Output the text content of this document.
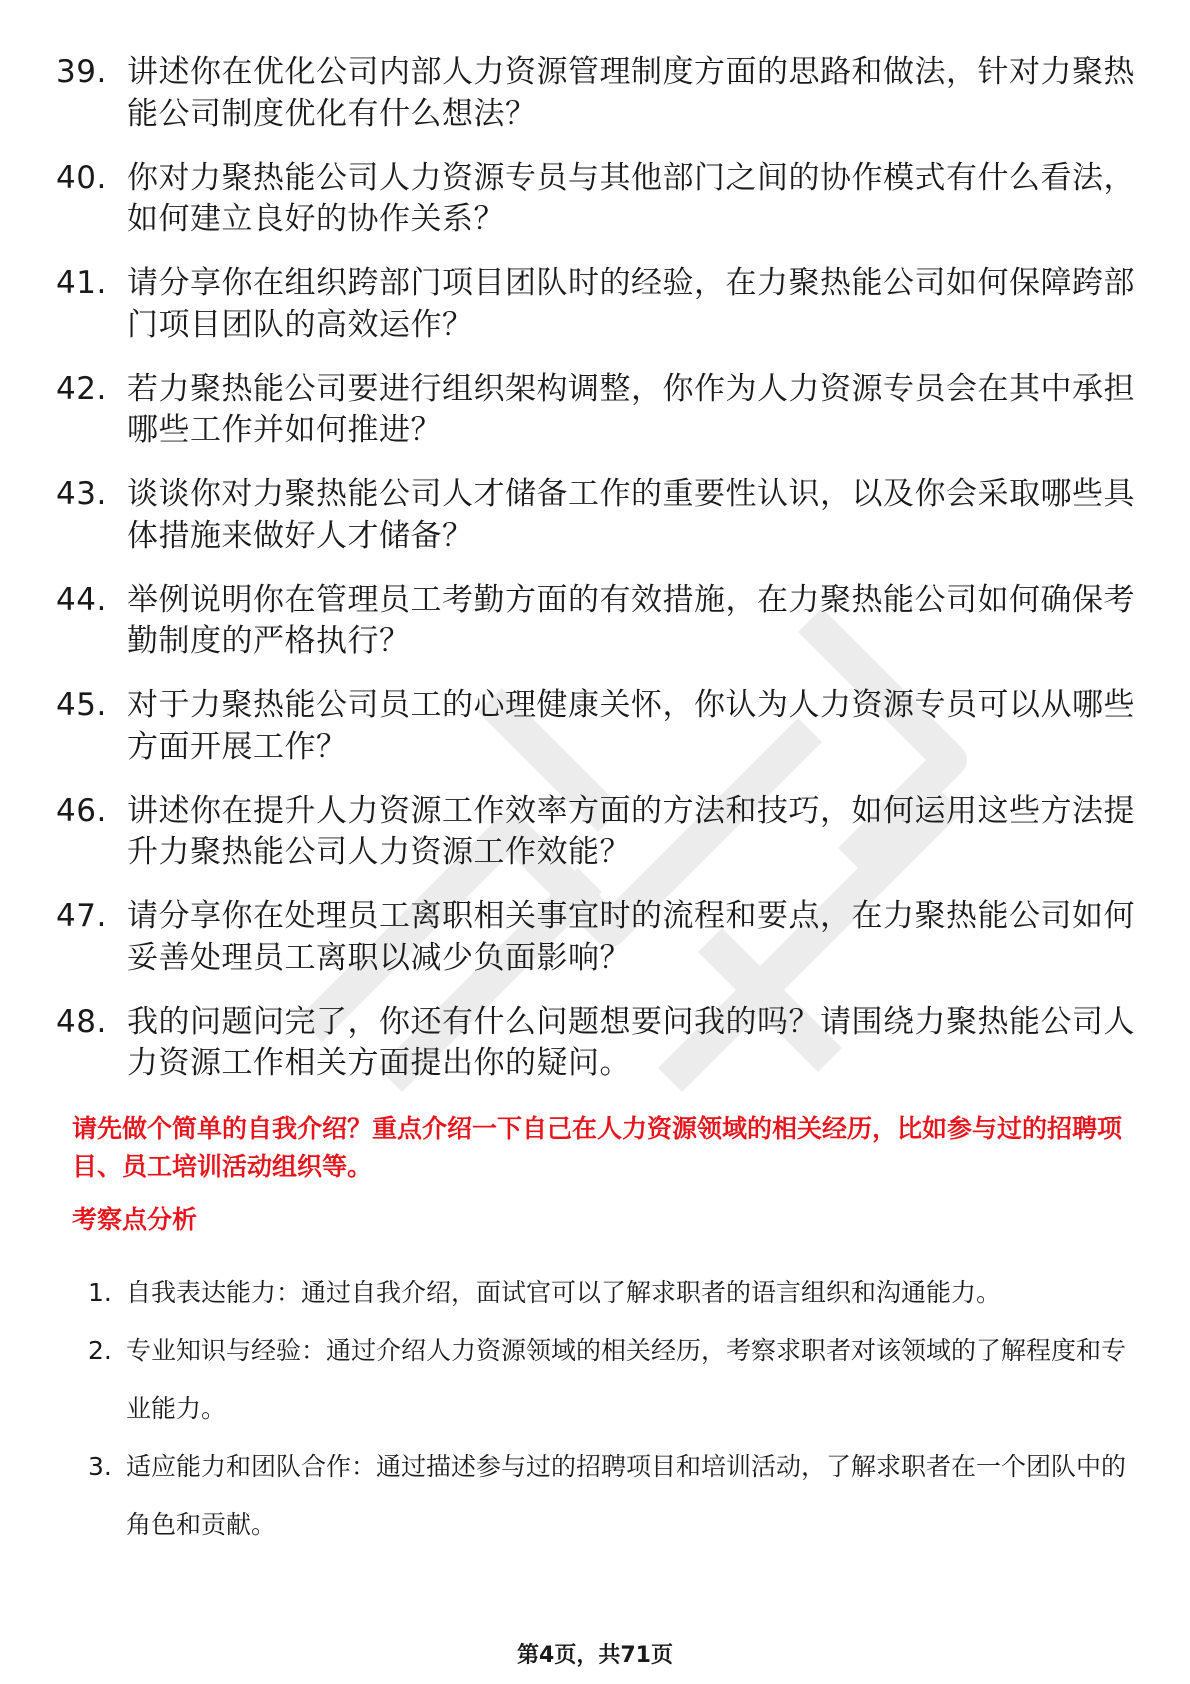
39. 讲述你在优化公司内部人力资源管理制度方面的思路和做法，针对力聚热能公司制度优化有什么想法？
40. 你对力聚热能公司人力资源专员与其他部门之间的协作模式有什么看法，如何建立良好的协作关系？
41. 请分享你在组织跨部门项目团队时的经验，在力聚热能公司如何保障跨部门项目团队的高效运作？
42. 若力聚热能公司要进行组织架构调整，你作为人力资源专员会在其中承担哪些工作并如何推进？
43. 谈谈你对力聚热能公司人才储备工作的重要性认识，以及你会采取哪些具体措施来做好人才储备？
44. 举例说明你在管理员工考勤方面的有效措施，在力聚热能公司如何确保考勤制度的严格执行？
45. 对于力聚热能公司员工的心理健康关怀，你认为人力资源专员可以从哪些方面开展工作？
46. 讲述你在提升人力资源工作效率方面的方法和技巧，如何运用这些方法提升力聚热能公司人力资源工作效能？
47. 请分享你在处理员工离职相关事宜时的流程和要点，在力聚热能公司如何妥善处理员工离职以减少负面影响？
48. 我的问题问完了，你还有什么问题想要问我的吗？请围绕力聚热能公司人力资源工作相关方面提出你的疑问。
请先做个简单的自我介绍？重点介绍一下自己在人力资源领域的相关经历，比如参与过的招聘项目、员工培训活动组织等。
考察点分析
1. 自我表达能力：通过自我介绍，面试官可以了解求职者的语言组织和沟通能力。
2. 专业知识与经验：通过介绍人力资源领域的相关经历，考察求职者对该领域的了解程度和专业能力。
3. 适应能力和团队合作：通过描述参与过的招聘项目和培训活动，了解求职者在一个团队中的角色和贡献。
第4页，共71页
